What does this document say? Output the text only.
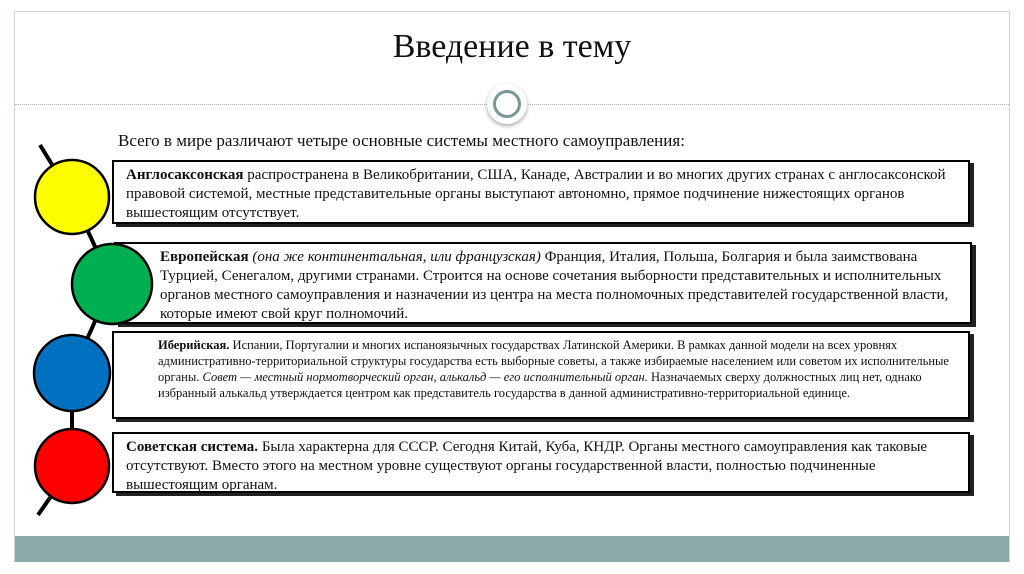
Введение в тему
Всего в мире различают четыре основные системы местного самоуправления:

Англосаксонская распространена в Великобритании, США, Канаде, Австралии и во многих других странах с англосаксонской правовой системой, местные представительные органы выступают автономно, прямое подчинение нижестоящих органов вышестоящим отсутствует.

Европейская (она же континентальная, или французская) Франция, Италия, Польша, Болгария и была заимствована Турцией, Сенегалом, другими странами. Строится на основе сочетания выборности представительных и исполнительных органов местного самоуправления и назначении из центра на места полномочных представителей государственной власти, которые имеют свой круг полномочий.

Иберийская. Испании, Португалии и многих испаноязычных государствах Латинской Америки. В рамках данной модели на всех уровнях административно-территориальной структуры государства есть выборные советы, а также избираемые населением или советом их исполнительные органы. Совет — местный нормотворческий орган, алькальд — его исполнительный орган. Назначаемых сверху должностных лиц нет, однако избранный алькальд утверждается центром как представитель государства в данной административно-территориальной единице.

Советская система. Была характерна для СССР. Сегодня Китай, Куба, КНДР. Органы местного самоуправления как таковые отсутствуют. Вместо этого на местном уровне существуют органы государственной власти, полностью подчиненные вышестоящим органам.
